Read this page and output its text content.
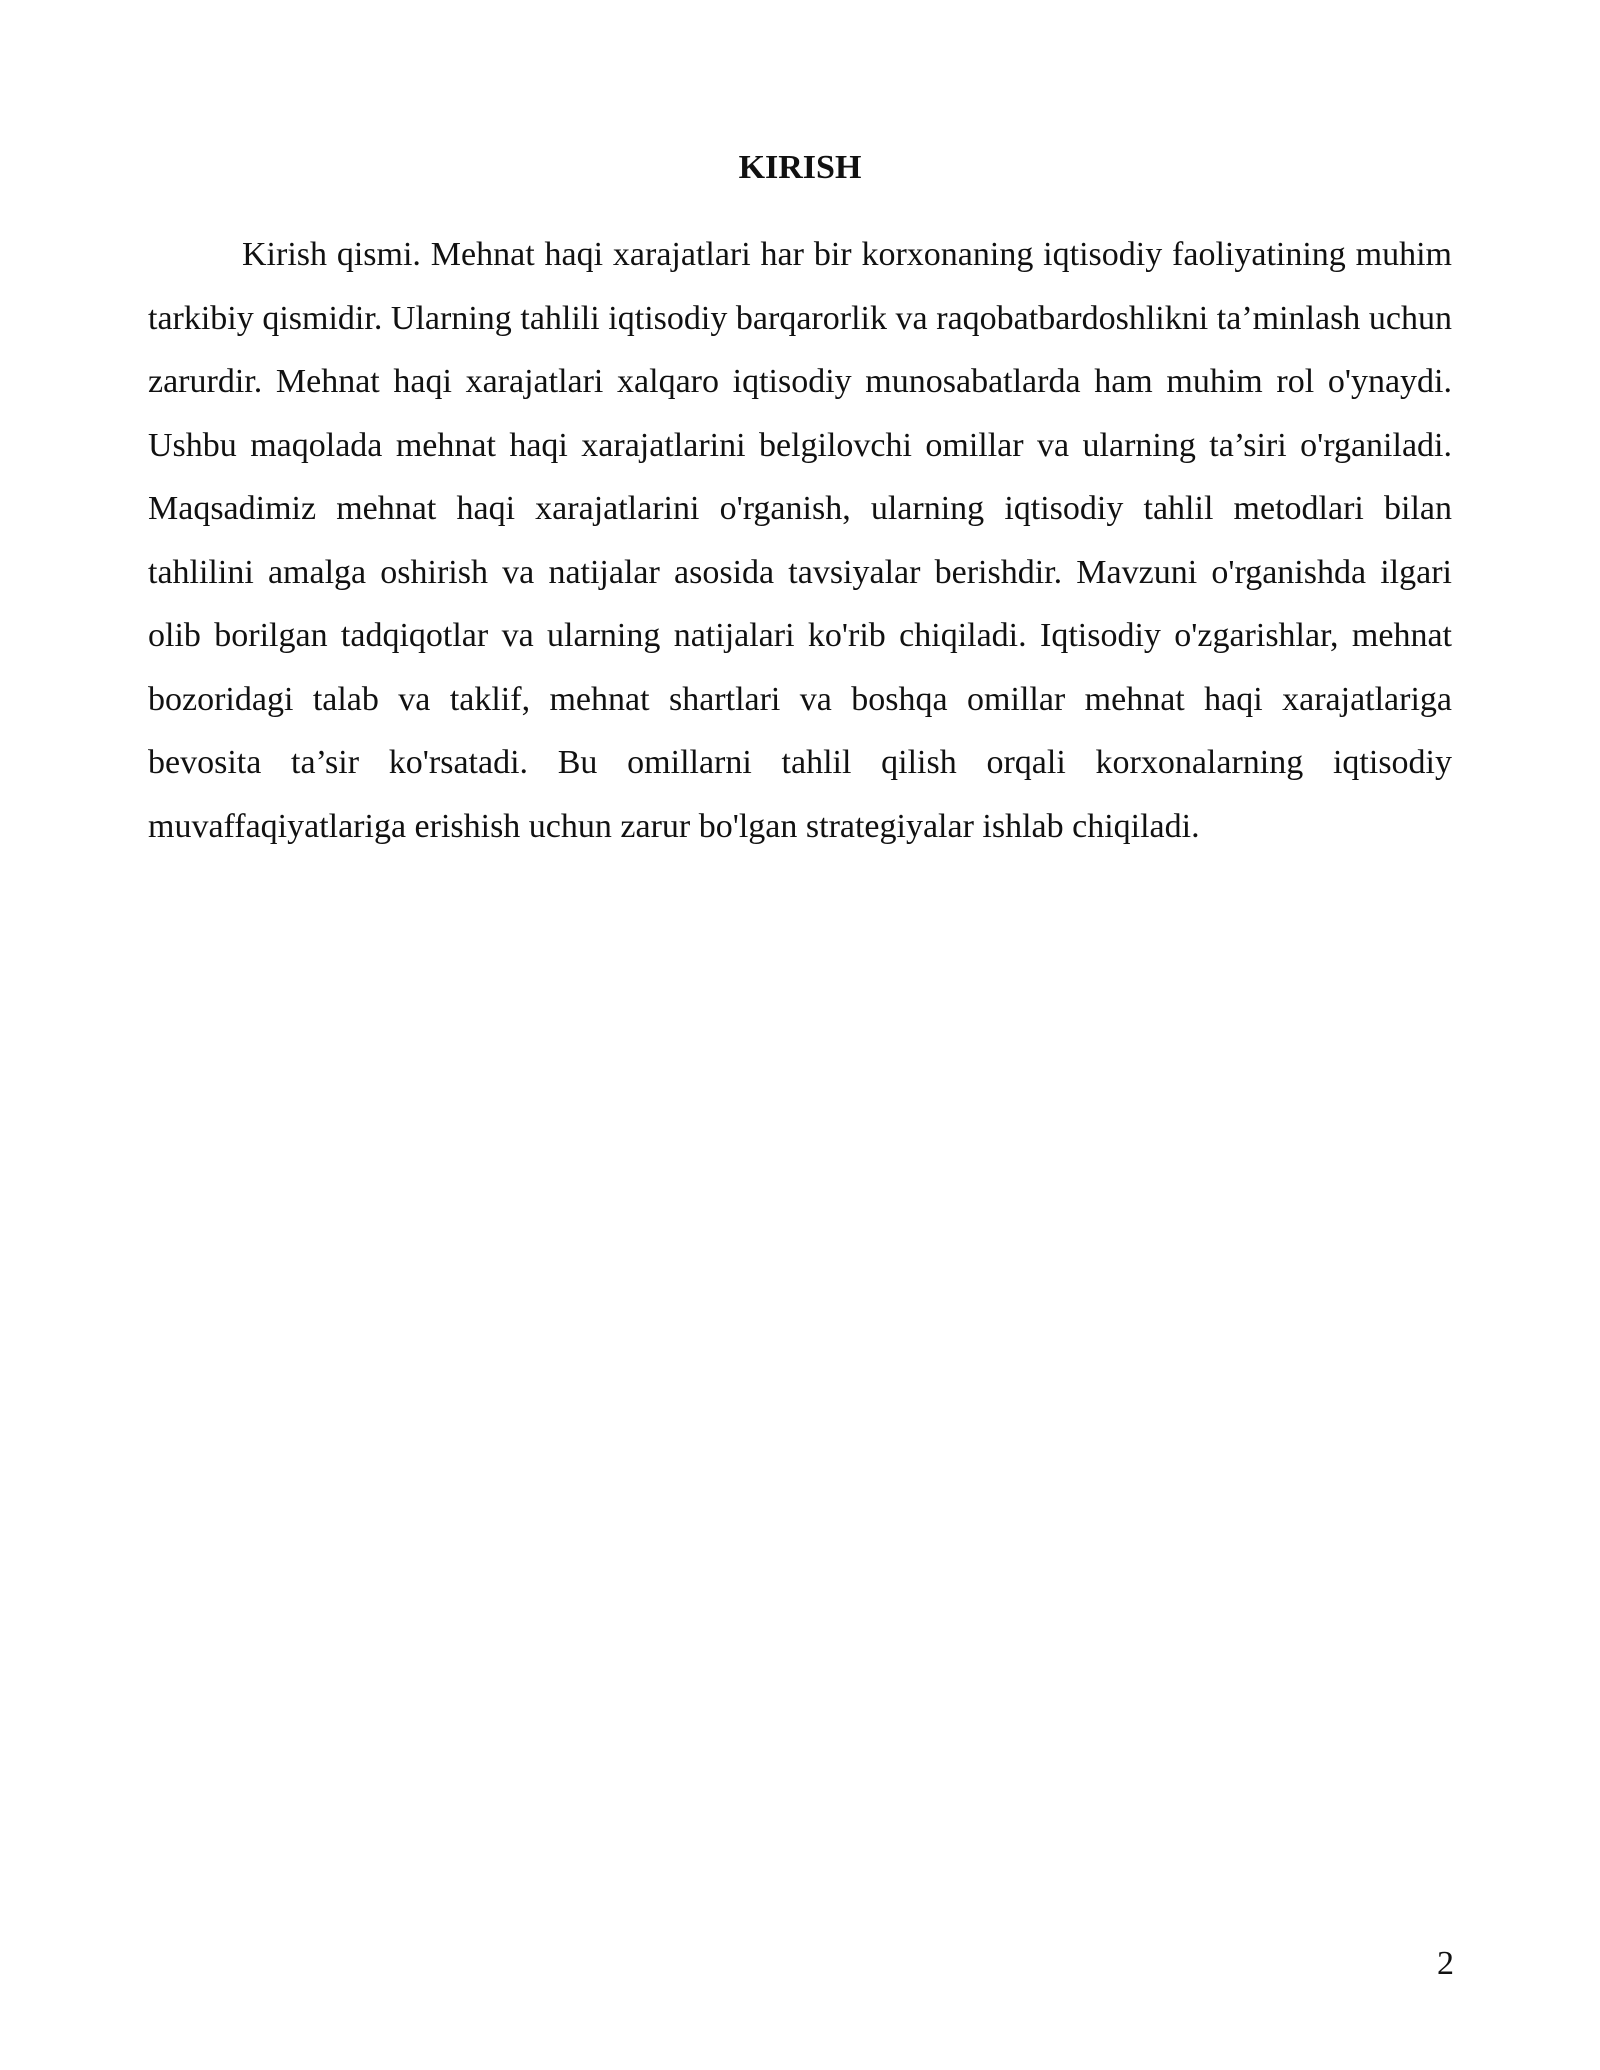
KIRISH

Kirish qismi. Mehnat haqi xarajatlari har bir korxonaning iqtisodiy faoliyatining muhim tarkibiy qismidir. Ularning tahlili iqtisodiy barqarorlik va raqobatbardoshlikni ta’minlash uchun zarurdir. Mehnat haqi xarajatlari xalqaro iqtisodiy munosabatlarda ham muhim rol o'ynaydi. Ushbu maqolada mehnat haqi xarajatlarini belgilovchi omillar va ularning ta’siri o'rganiladi. Maqsadimiz mehnat haqi xarajatlarini o'rganish, ularning iqtisodiy tahlil metodlari bilan tahlilini amalga oshirish va natijalar asosida tavsiyalar berishdir. Mavzuni o'rganishda ilgari olib borilgan tadqiqotlar va ularning natijalari ko'rib chiqiladi. Iqtisodiy o'zgarishlar, mehnat bozoridagi talab va taklif, mehnat shartlari va boshqa omillar mehnat haqi xarajatlariga bevosita ta’sir ko'rsatadi. Bu omillarni tahlil qilish orqali korxonalarning iqtisodiy muvaffaqiyatlariga erishish uchun zarur bo'lgan strategiyalar ishlab chiqiladi.

2
